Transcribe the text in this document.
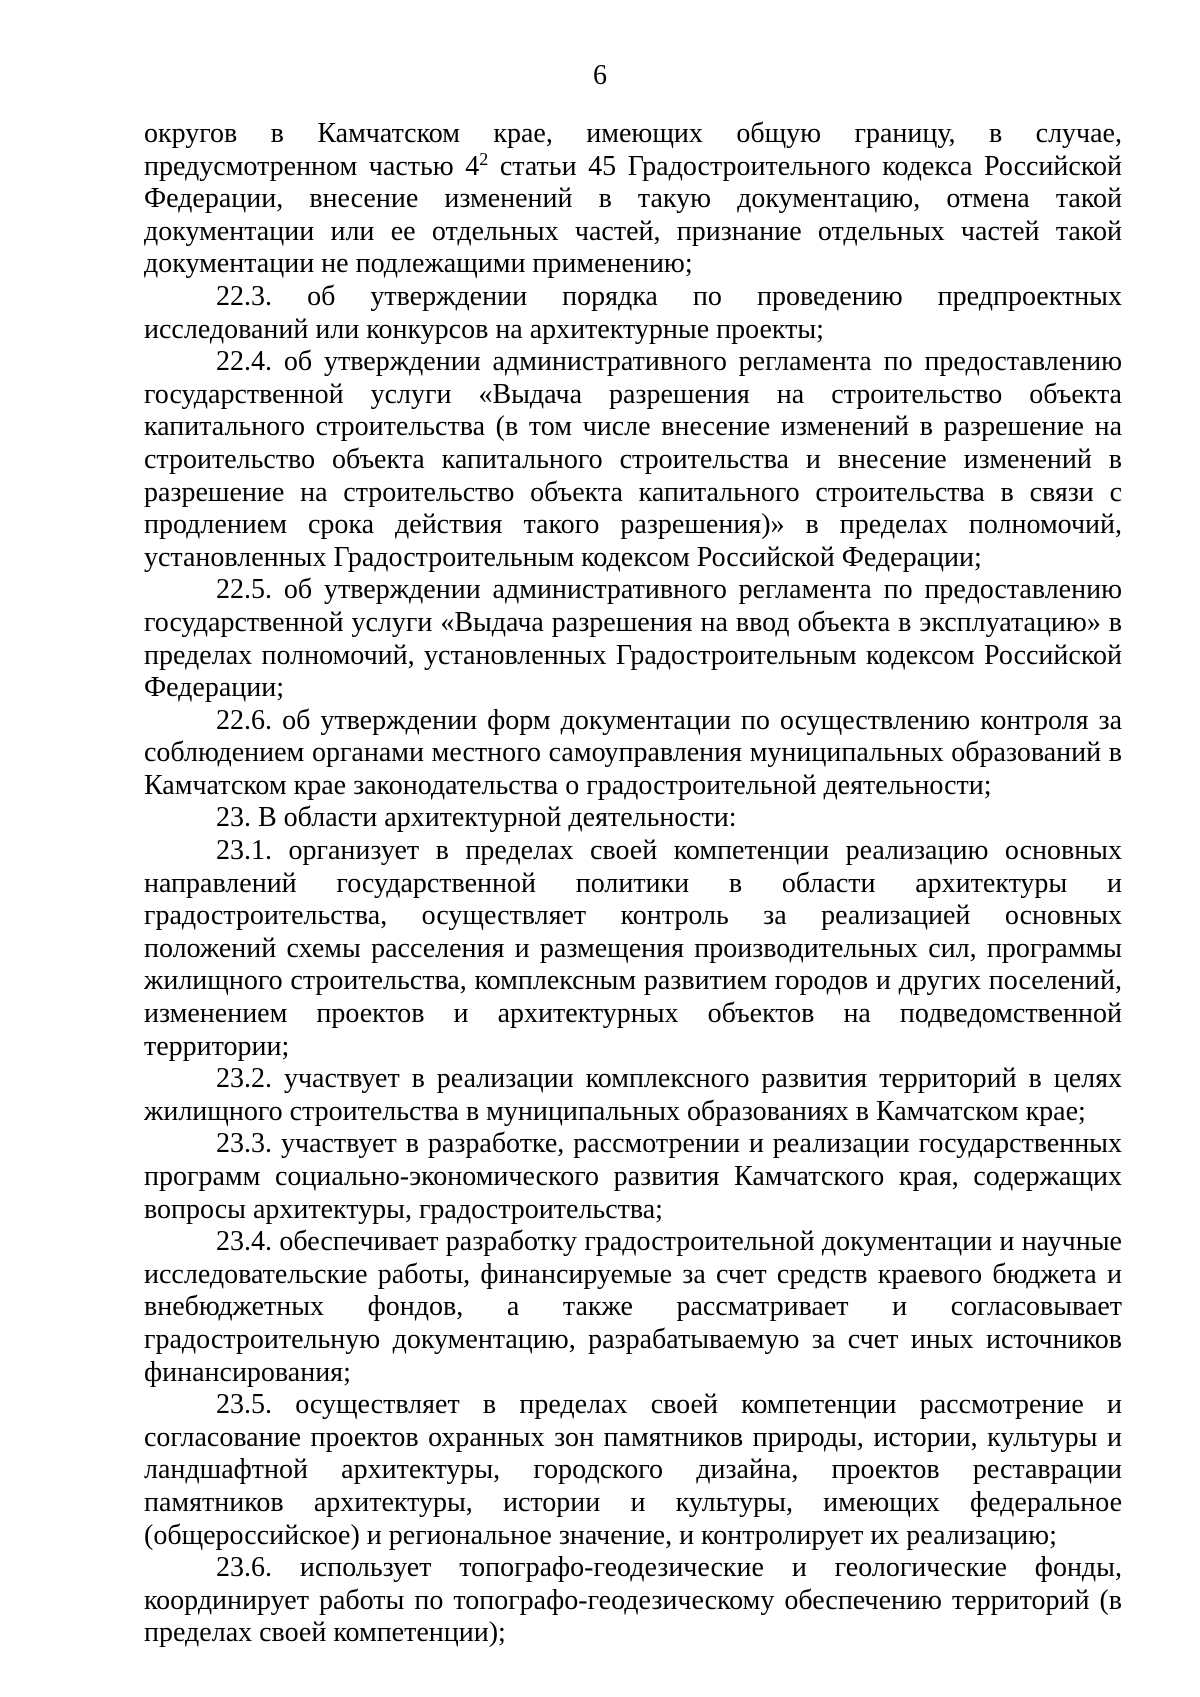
6

округов в Камчатском крае, имеющих общую границу, в случае, предусмотренном частью $4^2$ статьи 45 Градостроительного кодекса Российской Федерации, внесение изменений в такую документацию, отмена такой документации или ее отдельных частей, признание отдельных частей такой документации не подлежащими применению;

22.3. об утверждении порядка по проведению предпроектных исследований или конкурсов на архитектурные проекты;

22.4. об утверждении административного регламента по предоставлению государственной услуги «Выдача разрешения на строительство объекта капитального строительства (в том числе внесение изменений в разрешение на строительство объекта капитального строительства и внесение изменений в разрешение на строительство объекта капитального строительства в связи с продлением срока действия такого разрешения)» в пределах полномочий, установленных Градостроительным кодексом Российской Федерации;

22.5. об утверждении административного регламента по предоставлению государственной услуги «Выдача разрешения на ввод объекта в эксплуатацию» в пределах полномочий, установленных Градостроительным кодексом Российской Федерации;

22.6. об утверждении форм документации по осуществлению контроля за соблюдением органами местного самоуправления муниципальных образований в Камчатском крае законодательства о градостроительной деятельности;

23. В области архитектурной деятельности:

23.1. организует в пределах своей компетенции реализацию основных направлений государственной политики в области архитектуры и градостроительства, осуществляет контроль за реализацией основных положений схемы расселения и размещения производительных сил, программы жилищного строительства, комплексным развитием городов и других поселений, изменением проектов и архитектурных объектов на подведомственной территории;

23.2. участвует в реализации комплексного развития территорий в целях жилищного строительства в муниципальных образованиях в Камчатском крае;

23.3. участвует в разработке, рассмотрении и реализации государственных программ социально-экономического развития Камчатского края, содержащих вопросы архитектуры, градостроительства;

23.4. обеспечивает разработку градостроительной документации и научные исследовательские работы, финансируемые за счет средств краевого бюджета и внебюджетных фондов, а также рассматривает и согласовывает градостроительную документацию, разрабатываемую за счет иных источников финансирования;

23.5. осуществляет в пределах своей компетенции рассмотрение и согласование проектов охранных зон памятников природы, истории, культуры и ландшафтной архитектуры, городского дизайна, проектов реставрации памятников архитектуры, истории и культуры, имеющих федеральное (общероссийское) и региональное значение, и контролирует их реализацию;

23.6. использует топографо-геодезические и геологические фонды, координирует работы по топографо-геодезическому обеспечению территорий (в пределах своей компетенции);
